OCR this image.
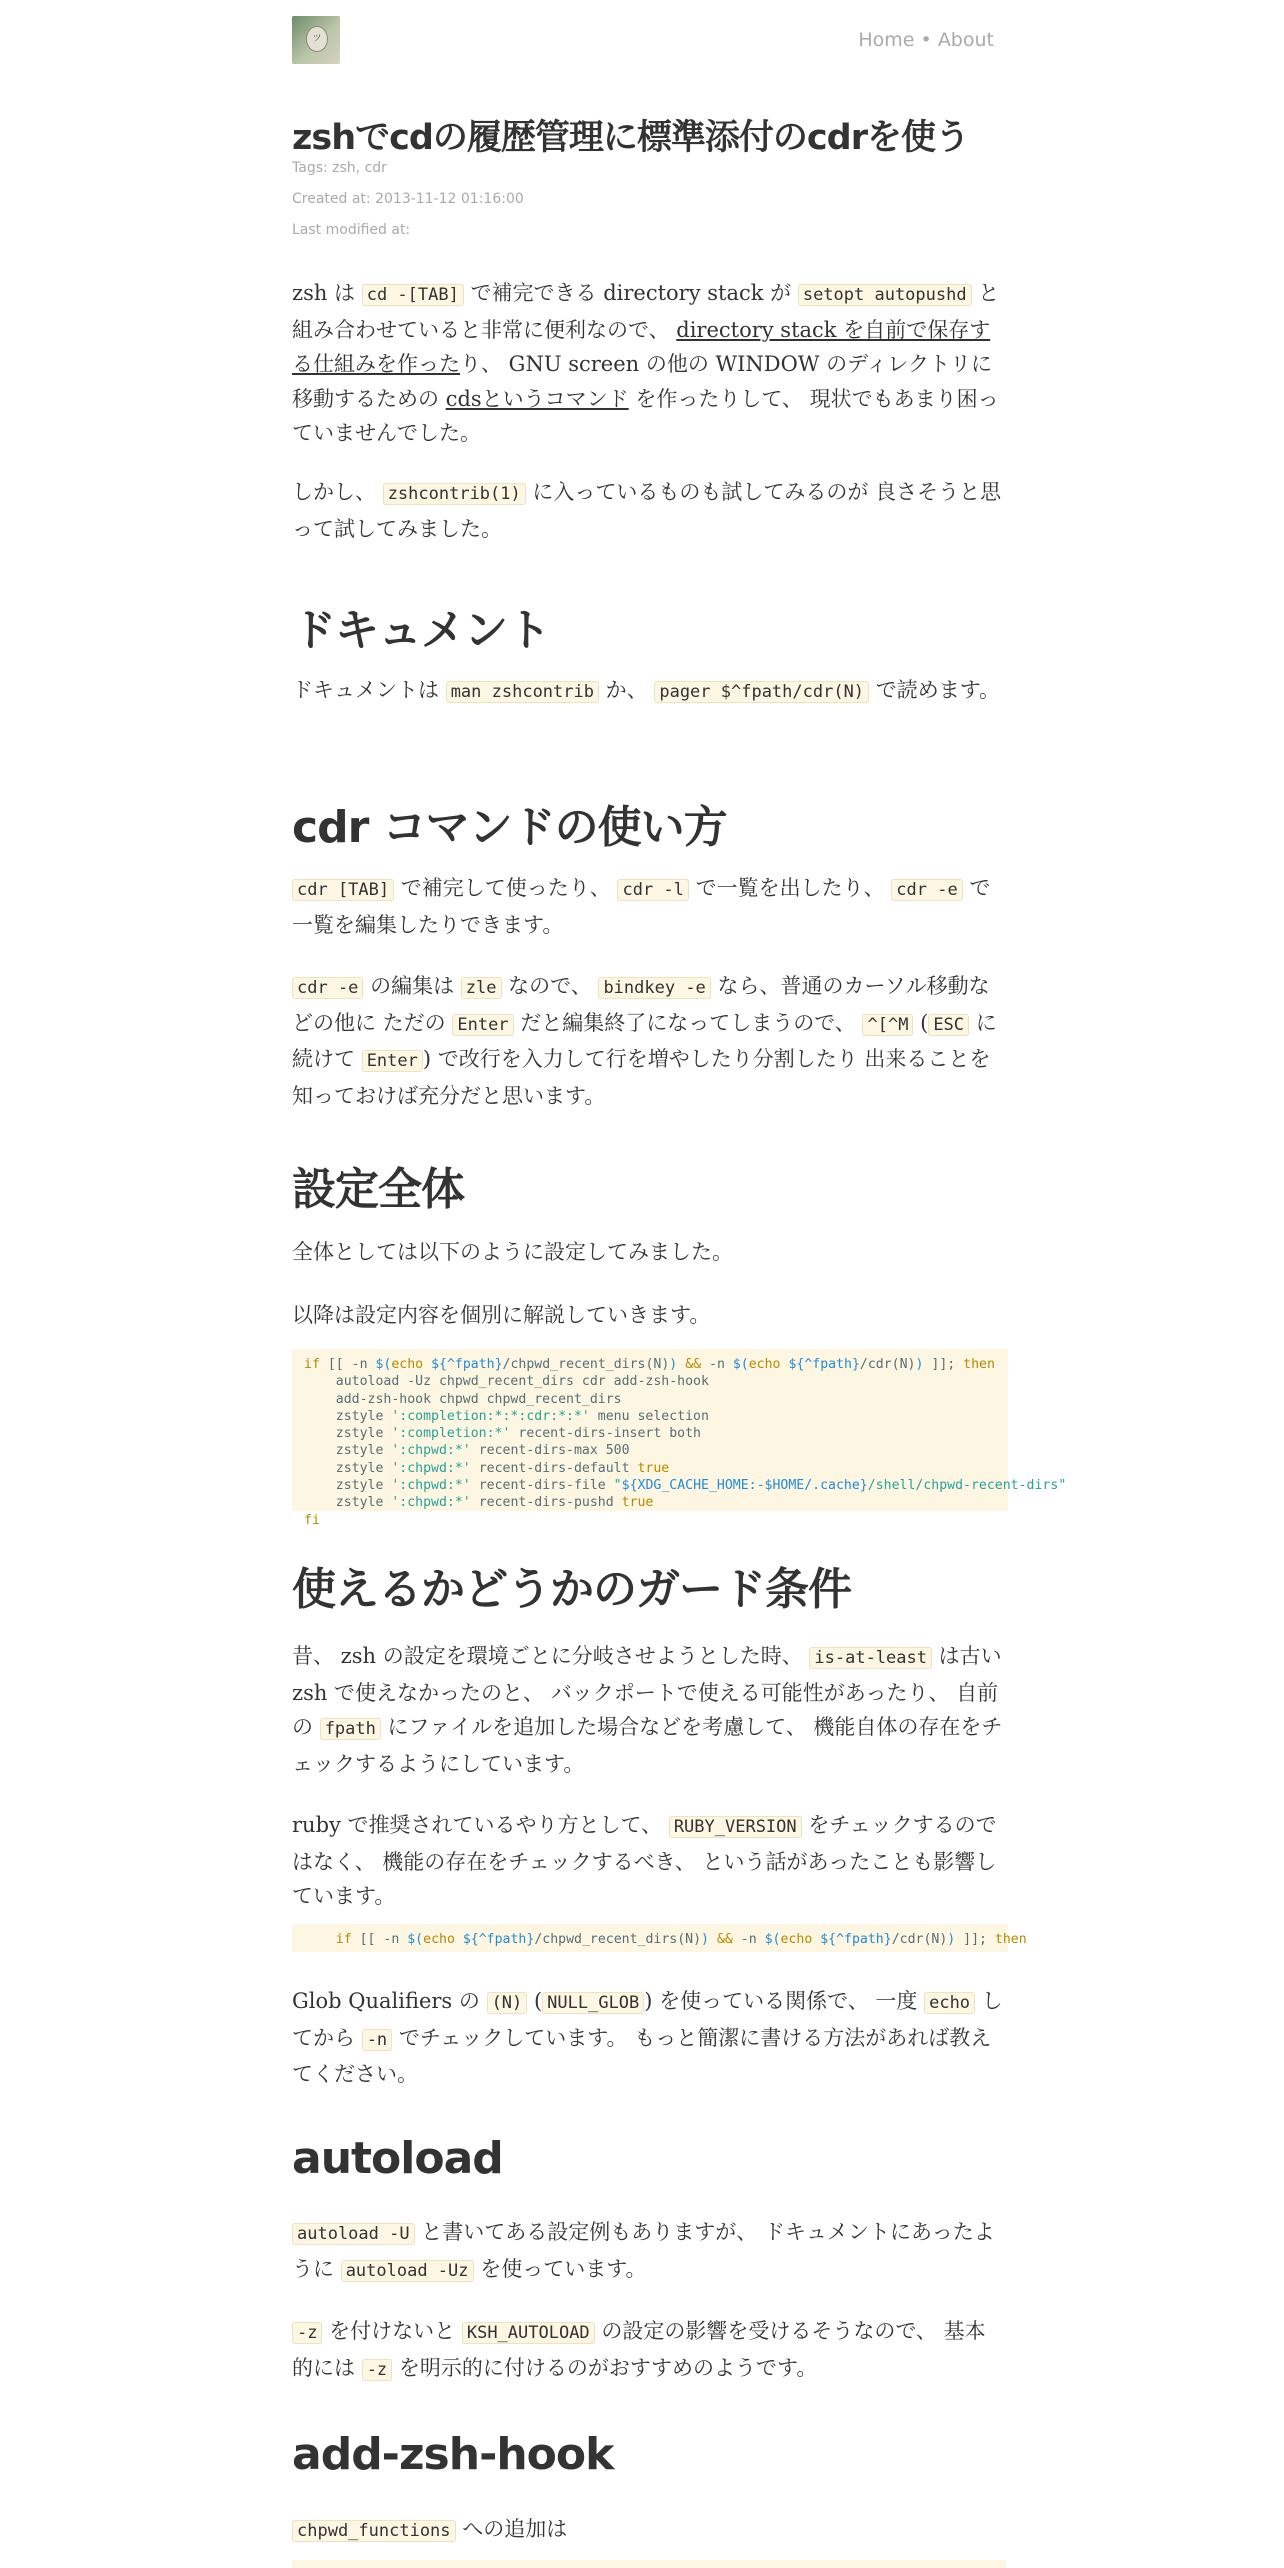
ツ	Home • About
zshでcdの履歴管理に標準添付のcdrを使う
Tags: zsh, cdr
Created at: 2013-11-12 01:16:00
Last modified at:

zsh は cd -[TAB] で補完できる directory stack が setopt autopushd と組み合わせていると非常に便利なので、 directory stack を自前で保存する仕組みを作ったり、 GNU screen の他の WINDOW のディレクトリに移動するための cdsというコマンド を作ったりして、 現状でもあまり困っていませんでした。

しかし、 zshcontrib(1) に入っているものも試してみるのが 良さそうと思って試してみました。

ドキュメント

ドキュメントは man zshcontrib か、 pager $^fpath/cdr(N) で読めます。

cdr コマンドの使い方

cdr [TAB] で補完して使ったり、 cdr -l で一覧を出したり、 cdr -e で一覧を編集したりできます。

cdr -e の編集は zle なので、 bindkey -e なら、普通のカーソル移動などの他に ただの Enter だと編集終了になってしまうので、 ^[^M ( ESC に続けて Enter ) で改行を入力して行を増やしたり分割したり 出来ることを知っておけば充分だと思います。

設定全体

全体としては以下のように設定してみました。

以降は設定内容を個別に解説していきます。

if [[ -n $(echo ${^fpath}/chpwd_recent_dirs(N)) && -n $(echo ${^fpath}/cdr(N)) ]]; then
autoload -Uz chpwd_recent_dirs cdr add-zsh-hook
add-zsh-hook chpwd chpwd_recent_dirs
zstyle ':completion:*:*:cdr:*:*' menu selection
zstyle ':completion:*' recent-dirs-insert both
zstyle ':chpwd:*' recent-dirs-max 500
zstyle ':chpwd:*' recent-dirs-default true
zstyle ':chpwd:*' recent-dirs-file "${XDG_CACHE_HOME:-$HOME/.cache}/shell/chpwd-recent-dirs"
zstyle ':chpwd:*' recent-dirs-pushd true
fi
使えるかどうかのガード条件

昔、 zsh の設定を環境ごとに分岐させようとした時、 is-at-least は古い zsh で使えなかったのと、 バックポートで使える可能性があったり、 自前の fpath にファイルを追加した場合などを考慮して、 機能自体の存在をチェックするようにしています。

ruby で推奨されているやり方として、 RUBY_VERSION をチェックするのではなく、 機能の存在をチェックするべき、 という話があったことも影響しています。

if [[ -n $(echo ${^fpath}/chpwd_recent_dirs(N)) && -n $(echo ${^fpath}/cdr(N)) ]]; then

Glob Qualifiers の (N) ( NULL_GLOB ) を使っている関係で、 一度 echo してから -n でチェックしています。 もっと簡潔に書ける方法があれば教えてください。

autoload

autoload -U と書いてある設定例もありますが、 ドキュメントにあったように autoload -Uz を使っています。

-z を付けないと KSH_AUTOLOAD の設定の影響を受けるそうなので、 基本的には -z を明示的に付けるのがおすすめのようです。

add-zsh-hook

chpwd_functions への追加は
